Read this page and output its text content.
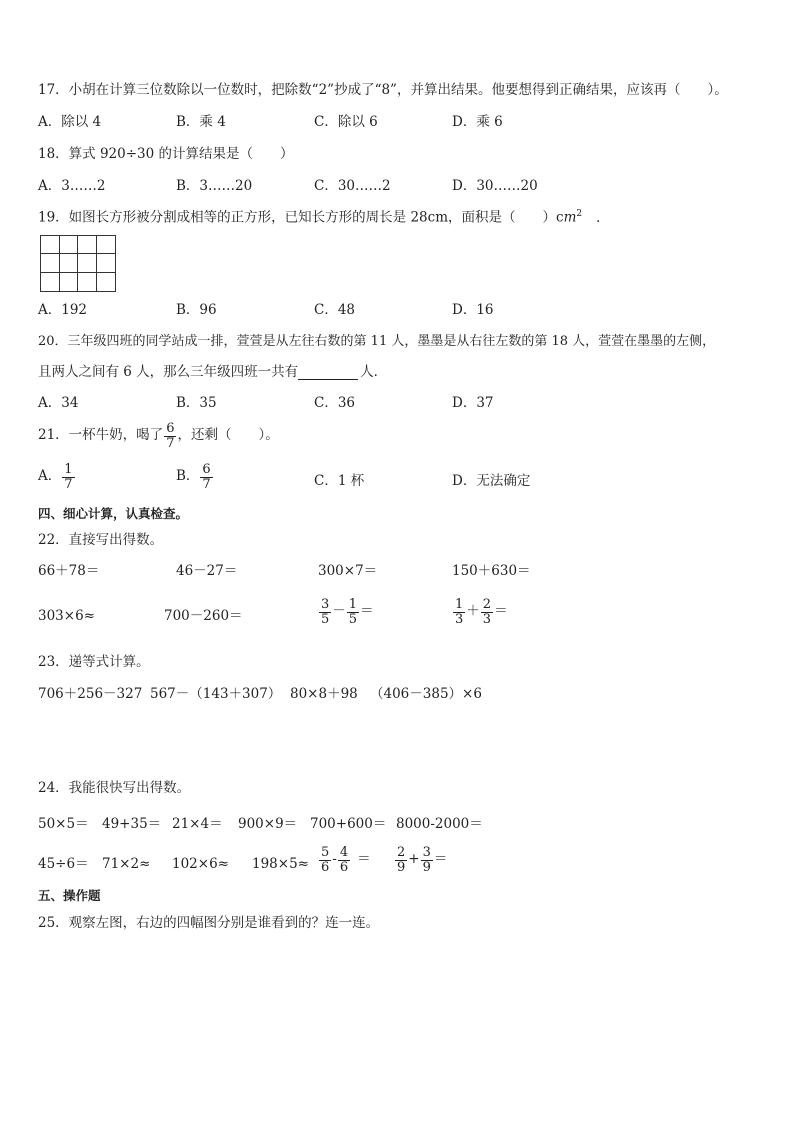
17．小胡在计算三位数除以一位数时，把除数“2”抄成了“8”，并算出结果。他要想得到正确结果，应该再（　　）。
A．除以 4	B．乘 4	C．除以 6	D．乘 6
18．算式 920÷30 的计算结果是（　　）
A．3……2	B．3……20	C．30……2	D．30……20
19．如图长方形被分割成相等的正方形，已知长方形的周长是 28cm，面积是（　　）$cm^2$ ．
A．192	B．96	C．48	D．16
20．三年级四班的同学站成一排，萱萱是从左往右数的第 11 人，墨墨是从右往左数的第 18 人，萱萱在墨墨的左侧，
且两人之间有 6 人，那么三年级四班一共有	人．
A．34	B．35	C．36	D．37
21．一杯牛奶，喝了 $\frac{6}{7}$ ，还剩（　　）。
A． $\frac{1}{7}$	B． $\frac{6}{7}$	C．1 杯	D．无法确定
四、细心计算，认真检查。
22．直接写出得数。
66＋78＝	46－27＝	300×7＝	150＋630＝
303×6≈	700－260＝	$\frac{3}{5} - \frac{1}{5}$ ＝	$\frac{1}{3} + \frac{2}{3}$ ＝
23．递等式计算。
706＋256－327 567－（143＋307） 80×8＋98 （406－385）×6
24．我能很快写出得数。
50×5＝ 49+35＝ 21×4＝ 900×9＝ 700+600＝ 8000-2000＝
$45\div 6= 71\times 2\approx 102\times 6\approx 198\times 5\approx \frac{5}{6} - \frac{4}{6} = \frac{2}{9} + \frac{3}{9}$ ＝
五、操作题
25．观察左图，右边的四幅图分别是谁看到的？连一连。
